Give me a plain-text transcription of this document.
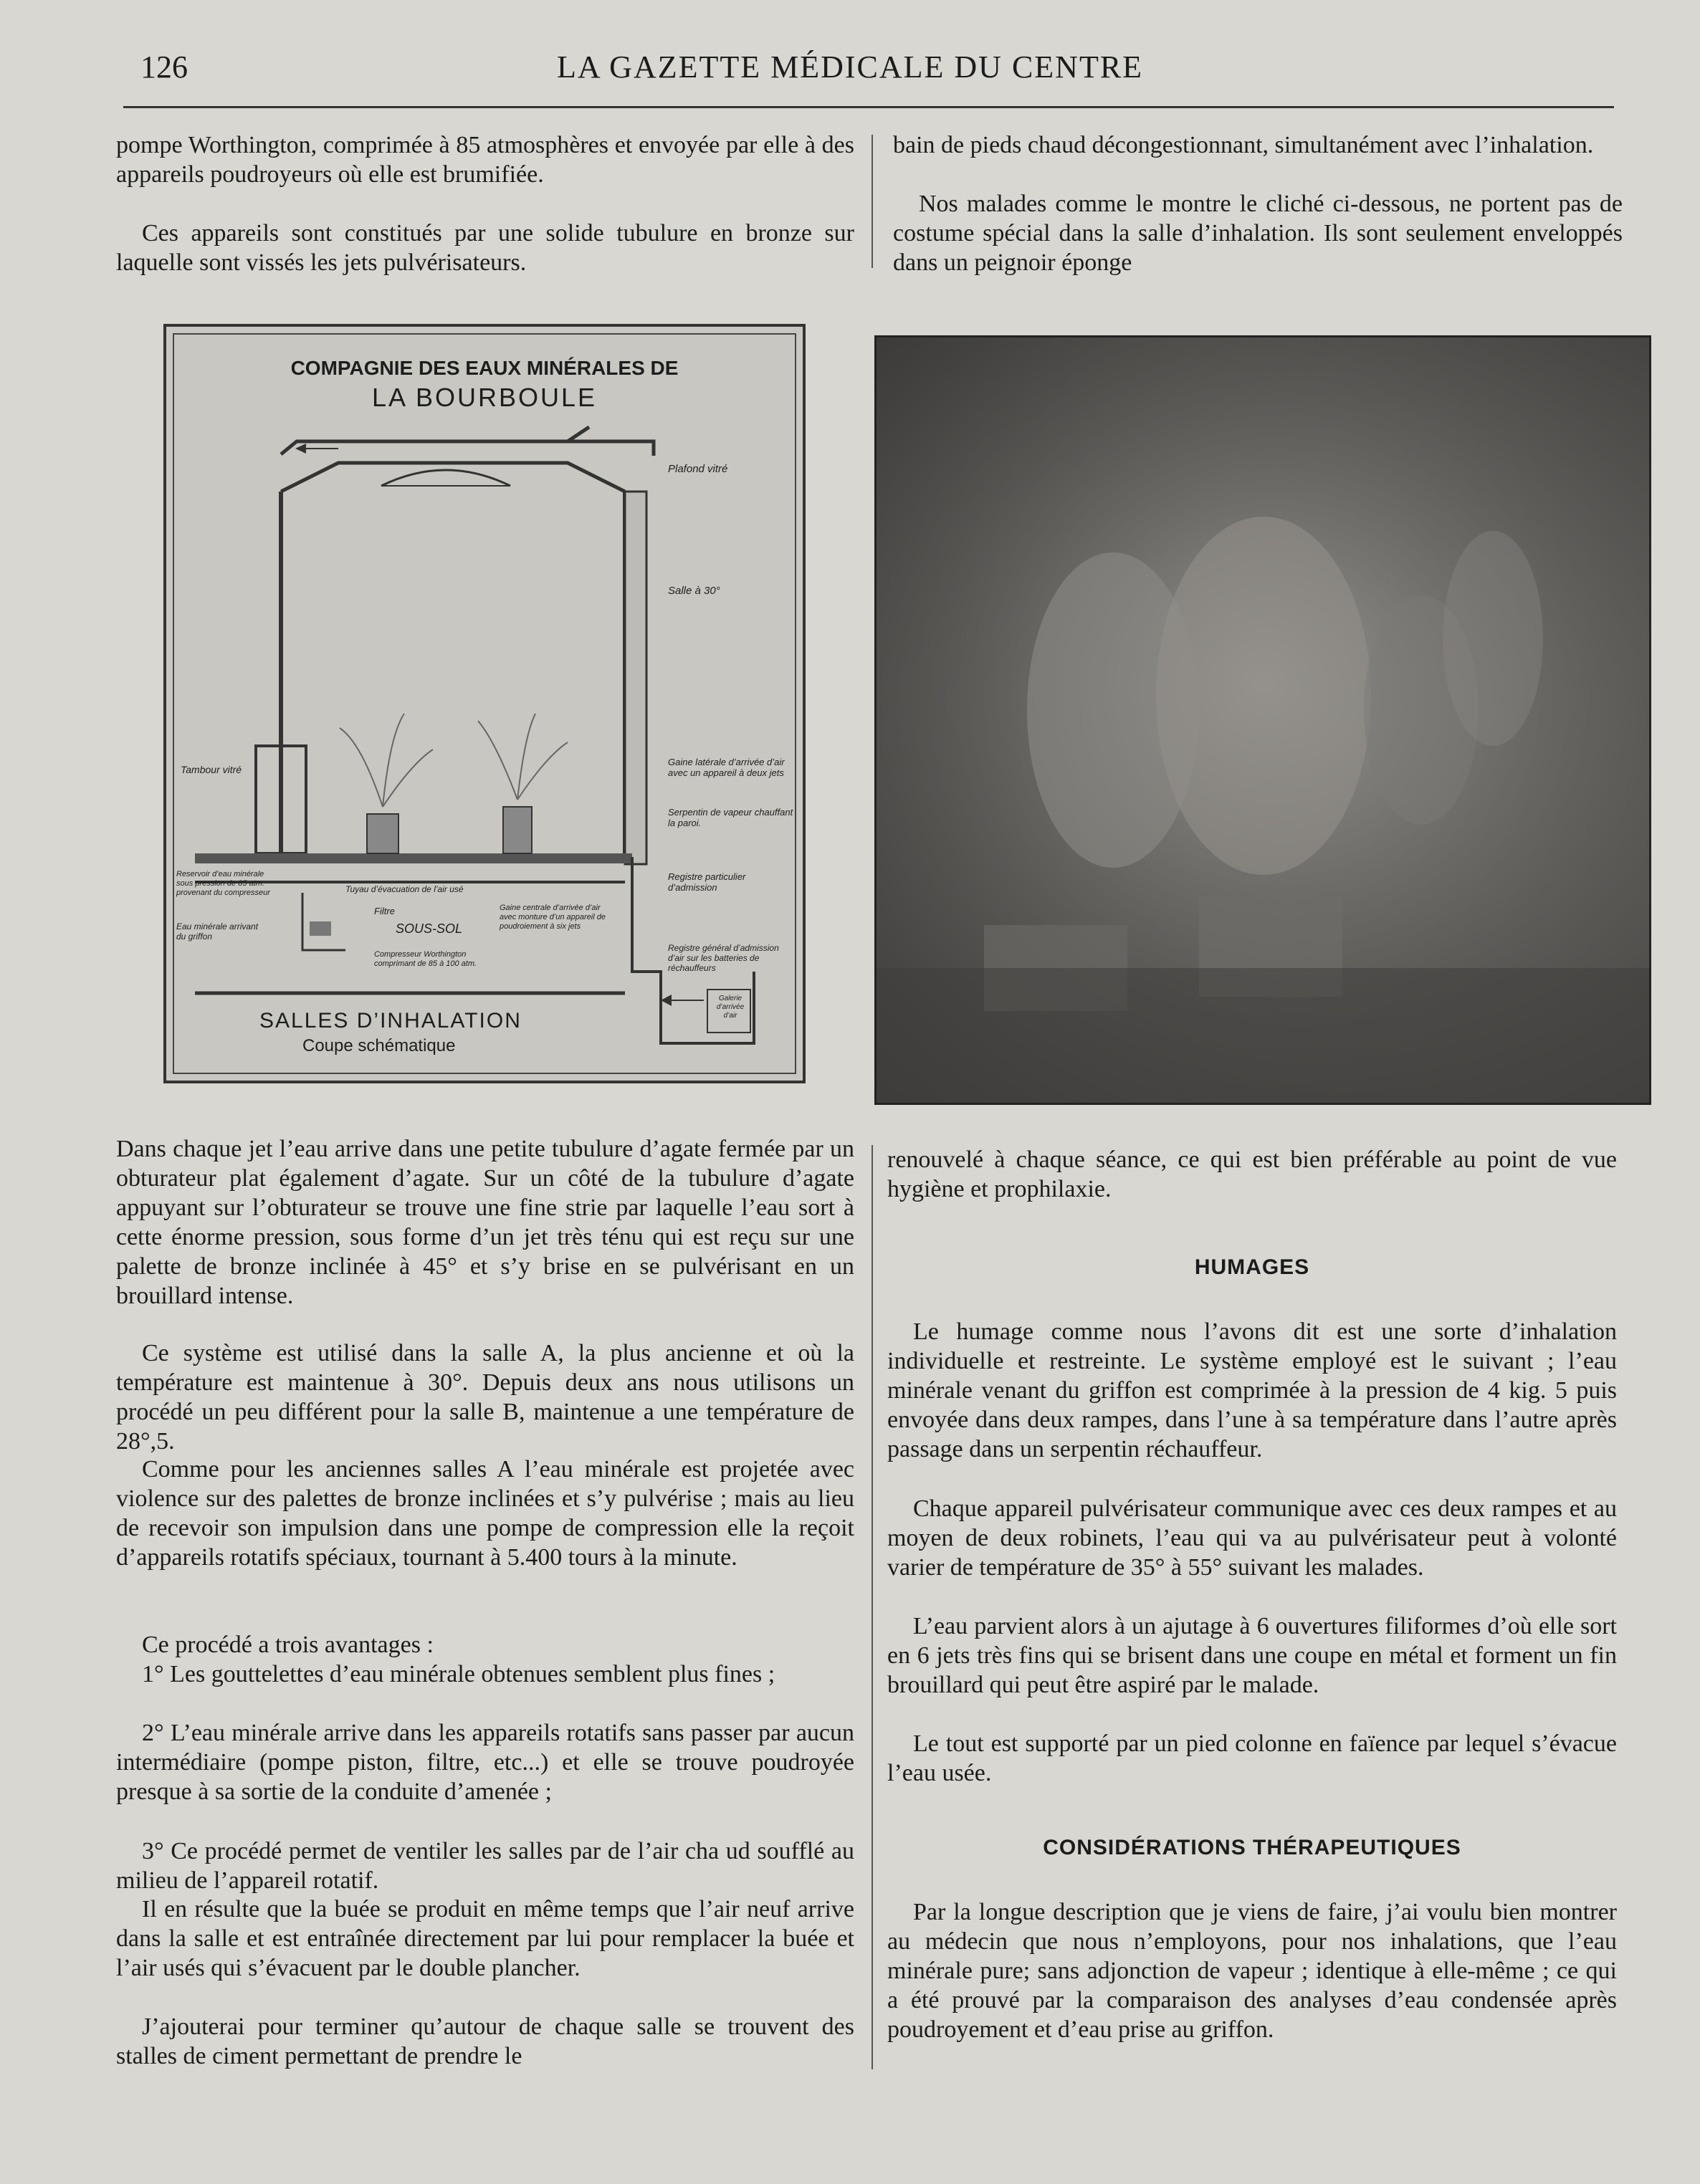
126	LA GAZETTE MÉDICALE DU CENTRE

pompe Worthington, comprimée à 85 atmosphères et envoyée par elle à des appareils poudroyeurs où elle est brumifiée.

Ces appareils sont constitués par une solide tubulure en bronze sur laquelle sont vissés les jets pulvérisateurs.

bain de pieds chaud décongestionnant, simultanément avec l’inhalation.

Nos malades comme le montre le cliché ci-dessous, ne portent pas de costume spécial dans la salle d’inhalation. Ils sont seulement enveloppés dans un peignoir éponge

COMPAGNIE DES EAUX MINÉRALES DE
LA BOURBOULE
Plafond vitré
Salle à 30°
Tambour vitré
Gaine latérale d’arrivée d’air avec un appareil à deux jets
Serpentin de vapeur chauffant la paroi.
Registre particulier d’admission
Reservoir d’eau minérale sous pression de 85 atm. provenant du compresseur
Eau minérale arrivant du griffon
Tuyau d’évacuation de l’air usé
Filtre
SOUS-SOL
Gaine centrale d’arrivée d’air avec monture d’un appareil de poudroiement à six jets
Compresseur Worthington comprimant de 85 à 100 atm.
Registre général d’admission d’air sur les batteries de réchauffeurs
Galerie d’arrivée d’air
SALLES D’INHALATION
Coupe schématique

Dans chaque jet l’eau arrive dans une petite tubulure d’agate fermée par un obturateur plat également d’agate. Sur un côté de la tubulure d’agate appuyant sur l’obturateur se trouve une fine strie par laquelle l’eau sort à cette énorme pression, sous forme d’un jet très ténu qui est reçu sur une palette de bronze inclinée à 45° et s’y brise en se pulvérisant en un brouillard intense.

Ce système est utilisé dans la salle A, la plus ancienne et où la température est maintenue à 30°. Depuis deux ans nous utilisons un procédé un peu différent pour la salle B, maintenue a une température de 28°,5.

Comme pour les anciennes salles A l’eau minérale est projetée avec violence sur des palettes de bronze inclinées et s’y pulvérise ; mais au lieu de recevoir son impulsion dans une pompe de compression elle la reçoit d’appareils rotatifs spéciaux, tournant à 5.400 tours à la minute.

Ce procédé a trois avantages :

1° Les gouttelettes d’eau minérale obtenues semblent plus fines ;

2° L’eau minérale arrive dans les appareils rotatifs sans passer par aucun intermédiaire (pompe piston, filtre, etc...) et elle se trouve poudroyée presque à sa sortie de la conduite d’amenée ;

3° Ce procédé permet de ventiler les salles par de l’air cha ud soufflé au milieu de l’appareil rotatif.

Il en résulte que la buée se produit en même temps que l’air neuf arrive dans la salle et est entraînée directement par lui pour remplacer la buée et l’air usés qui s’évacuent par le double plancher.

J’ajouterai pour terminer qu’autour de chaque salle se trouvent des stalles de ciment permettant de prendre le

renouvelé à chaque séance, ce qui est bien préférable au point de vue hygiène et prophilaxie.

HUMAGES

Le humage comme nous l’avons dit est une sorte d’inhalation individuelle et restreinte. Le système employé est le suivant ; l’eau minérale venant du griffon est comprimée à la pression de 4 kig. 5 puis envoyée dans deux rampes, dans l’une à sa température dans l’autre après passage dans un serpentin réchauffeur.

Chaque appareil pulvérisateur communique avec ces deux rampes et au moyen de deux robinets, l’eau qui va au pulvérisateur peut à volonté varier de température de 35° à 55° suivant les malades.

L’eau parvient alors à un ajutage à 6 ouvertures filiformes d’où elle sort en 6 jets très fins qui se brisent dans une coupe en métal et forment un fin brouillard qui peut être aspiré par le malade.

Le tout est supporté par un pied colonne en faïence par lequel s’évacue l’eau usée.

CONSIDÉRATIONS THÉRAPEUTIQUES

Par la longue description que je viens de faire, j’ai voulu bien montrer au médecin que nous n’employons, pour nos inhalations, que l’eau minérale pure; sans adjonction de vapeur ; identique à elle-même ; ce qui a été prouvé par la comparaison des analyses d’eau condensée après poudroyement et d’eau prise au griffon.
